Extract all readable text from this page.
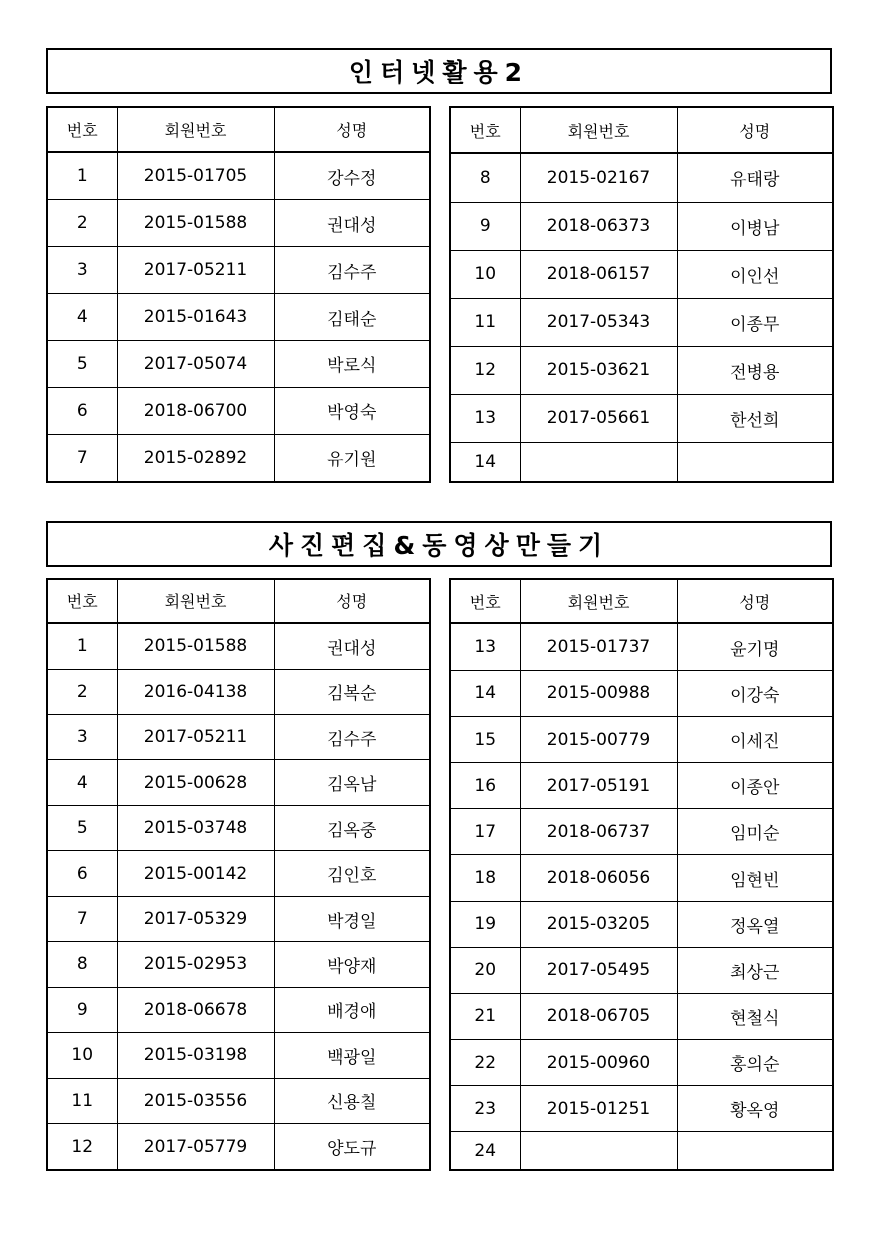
인터넷활용2
번호	회원번호	성명
1	2015-01705	강수정
2	2015-01588	권대성
3	2017-05211	김수주
4	2015-01643	김태순
5	2017-05074	박로식
6	2018-06700	박영숙
7	2015-02892	유기원
번호	회원번호	성명
8	2015-02167	유태랑
9	2018-06373	이병남
10	2018-06157	이인선
11	2017-05343	이종무
12	2015-03621	전병용
13	2017-05661	한선희
14		
사진편집&동영상만들기
번호	회원번호	성명
1	2015-01588	권대성
2	2016-04138	김복순
3	2017-05211	김수주
4	2015-00628	김옥남
5	2015-03748	김옥중
6	2015-00142	김인호
7	2017-05329	박경일
8	2015-02953	박양재
9	2018-06678	배경애
10	2015-03198	백광일
11	2015-03556	신용칠
12	2017-05779	양도규
번호	회원번호	성명
13	2015-01737	윤기명
14	2015-00988	이강숙
15	2015-00779	이세진
16	2017-05191	이종안
17	2018-06737	임미순
18	2018-06056	임현빈
19	2015-03205	정옥열
20	2017-05495	최상근
21	2018-06705	현철식
22	2015-00960	홍의순
23	2015-01251	황옥영
24		
